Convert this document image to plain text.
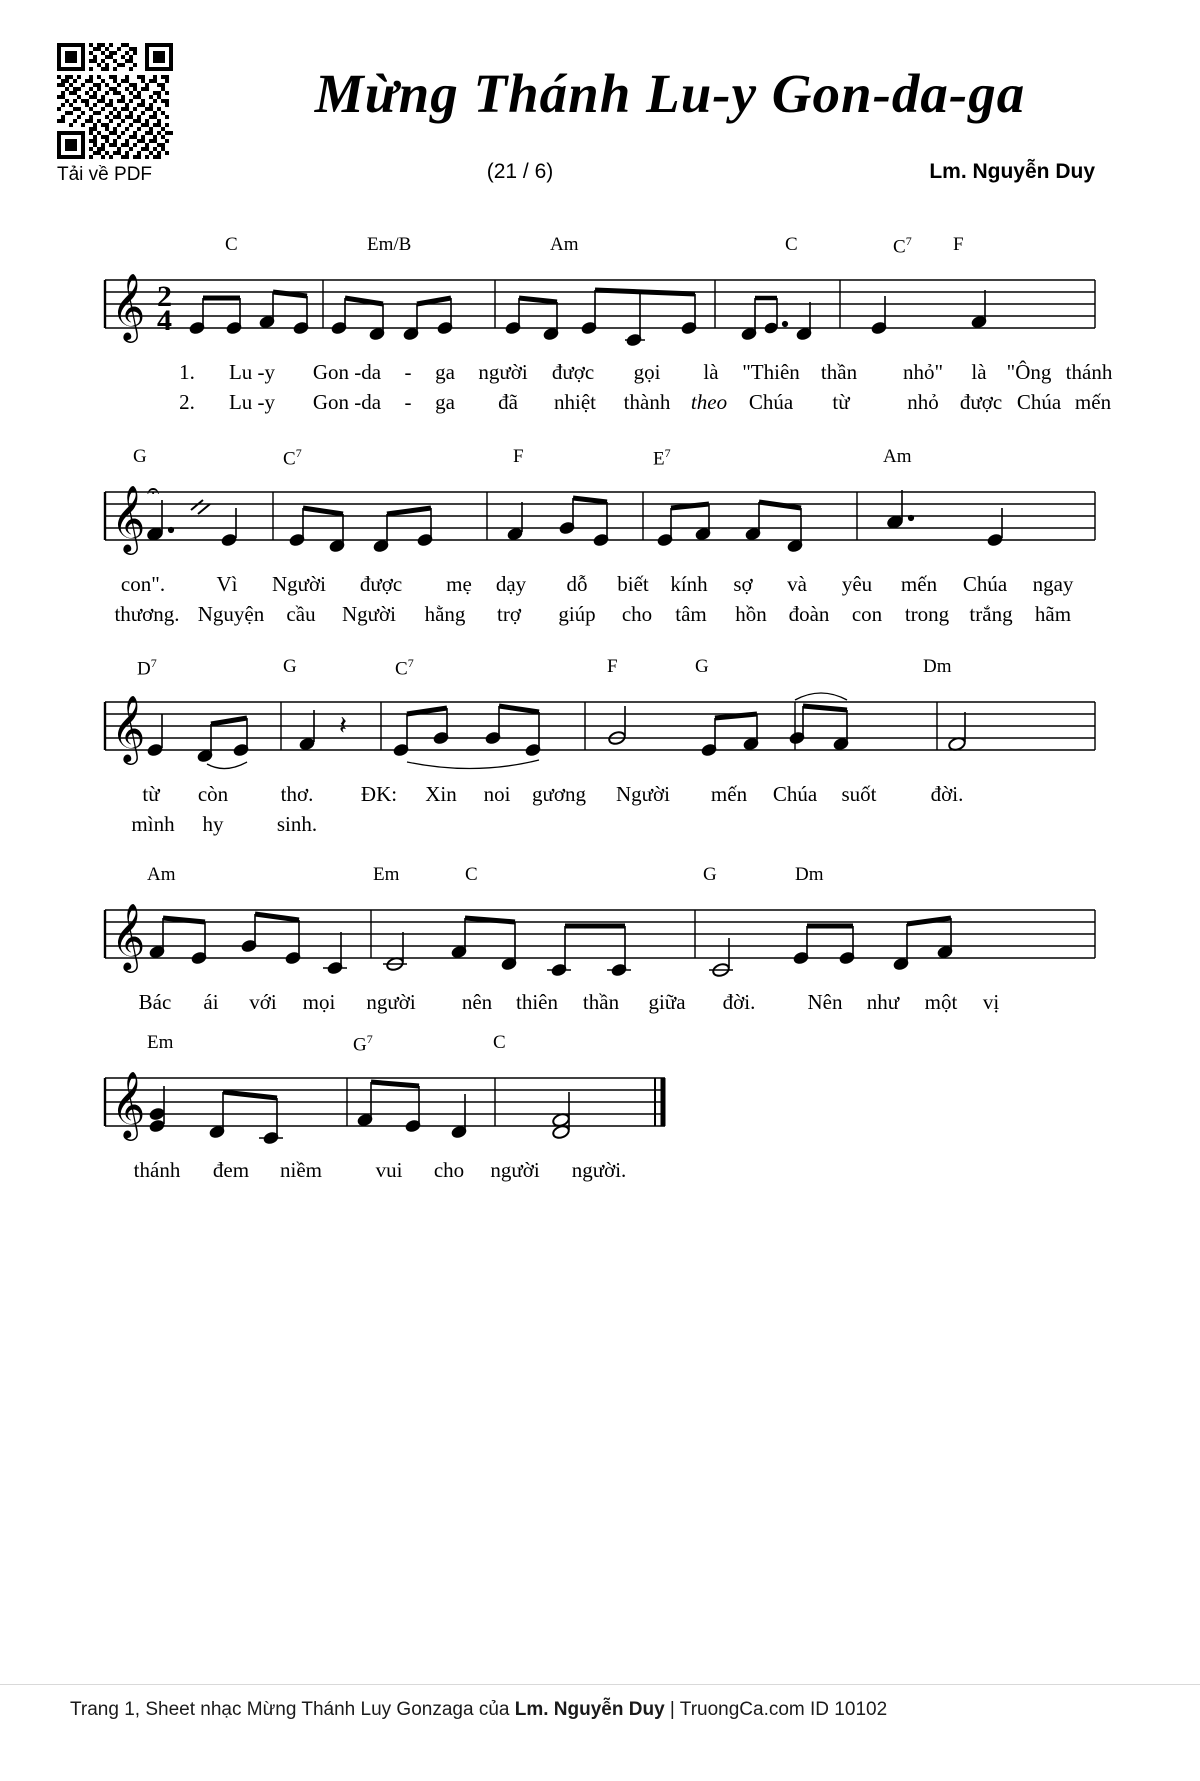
Tải về PDF
Mừng Thánh Lu-y Gon-da-ga
(21 / 6)	Lm. Nguyễn Duy
C	Em/B	Am	C	$C^7$ F
𝄞 2
4
1. Lu -y Gon -da - ga người được gọi là "Thiên thần nhỏ" là "Ông thánh
2. Lu -y Gon -da - ga đã nhiệt thành theo Chúa từ	nhỏ được Chúa mến
G	$C^7$	F	$E^7$	Am
𝄞 𝄐
con". Vì Người được mẹ dạy dỗ biết kính sợ và yêu mến Chúa ngay
thương. Nguyện cầu Người hằng trợ giúp cho tâm hồn đoàn con trong trắng hãm
$D^7$	G	$C^7$	F	G	Dm
𝄞	𝄽
từ còn thơ. ĐK: Xin noi gương Người mến Chúa suốt	đời.
mình hy	sinh.
Am	Em	C	G	Dm
𝄞
Bác ái với mọi người nên thiên thần giữa đời. Nên như một vị
Em	$G^7$	C
𝄞
thánh đem niềm	vui cho người người.
Trang 1, Sheet nhạc Mừng Thánh Luy Gonzaga của Lm. Nguyễn Duy | TruongCa.com ID 10102
